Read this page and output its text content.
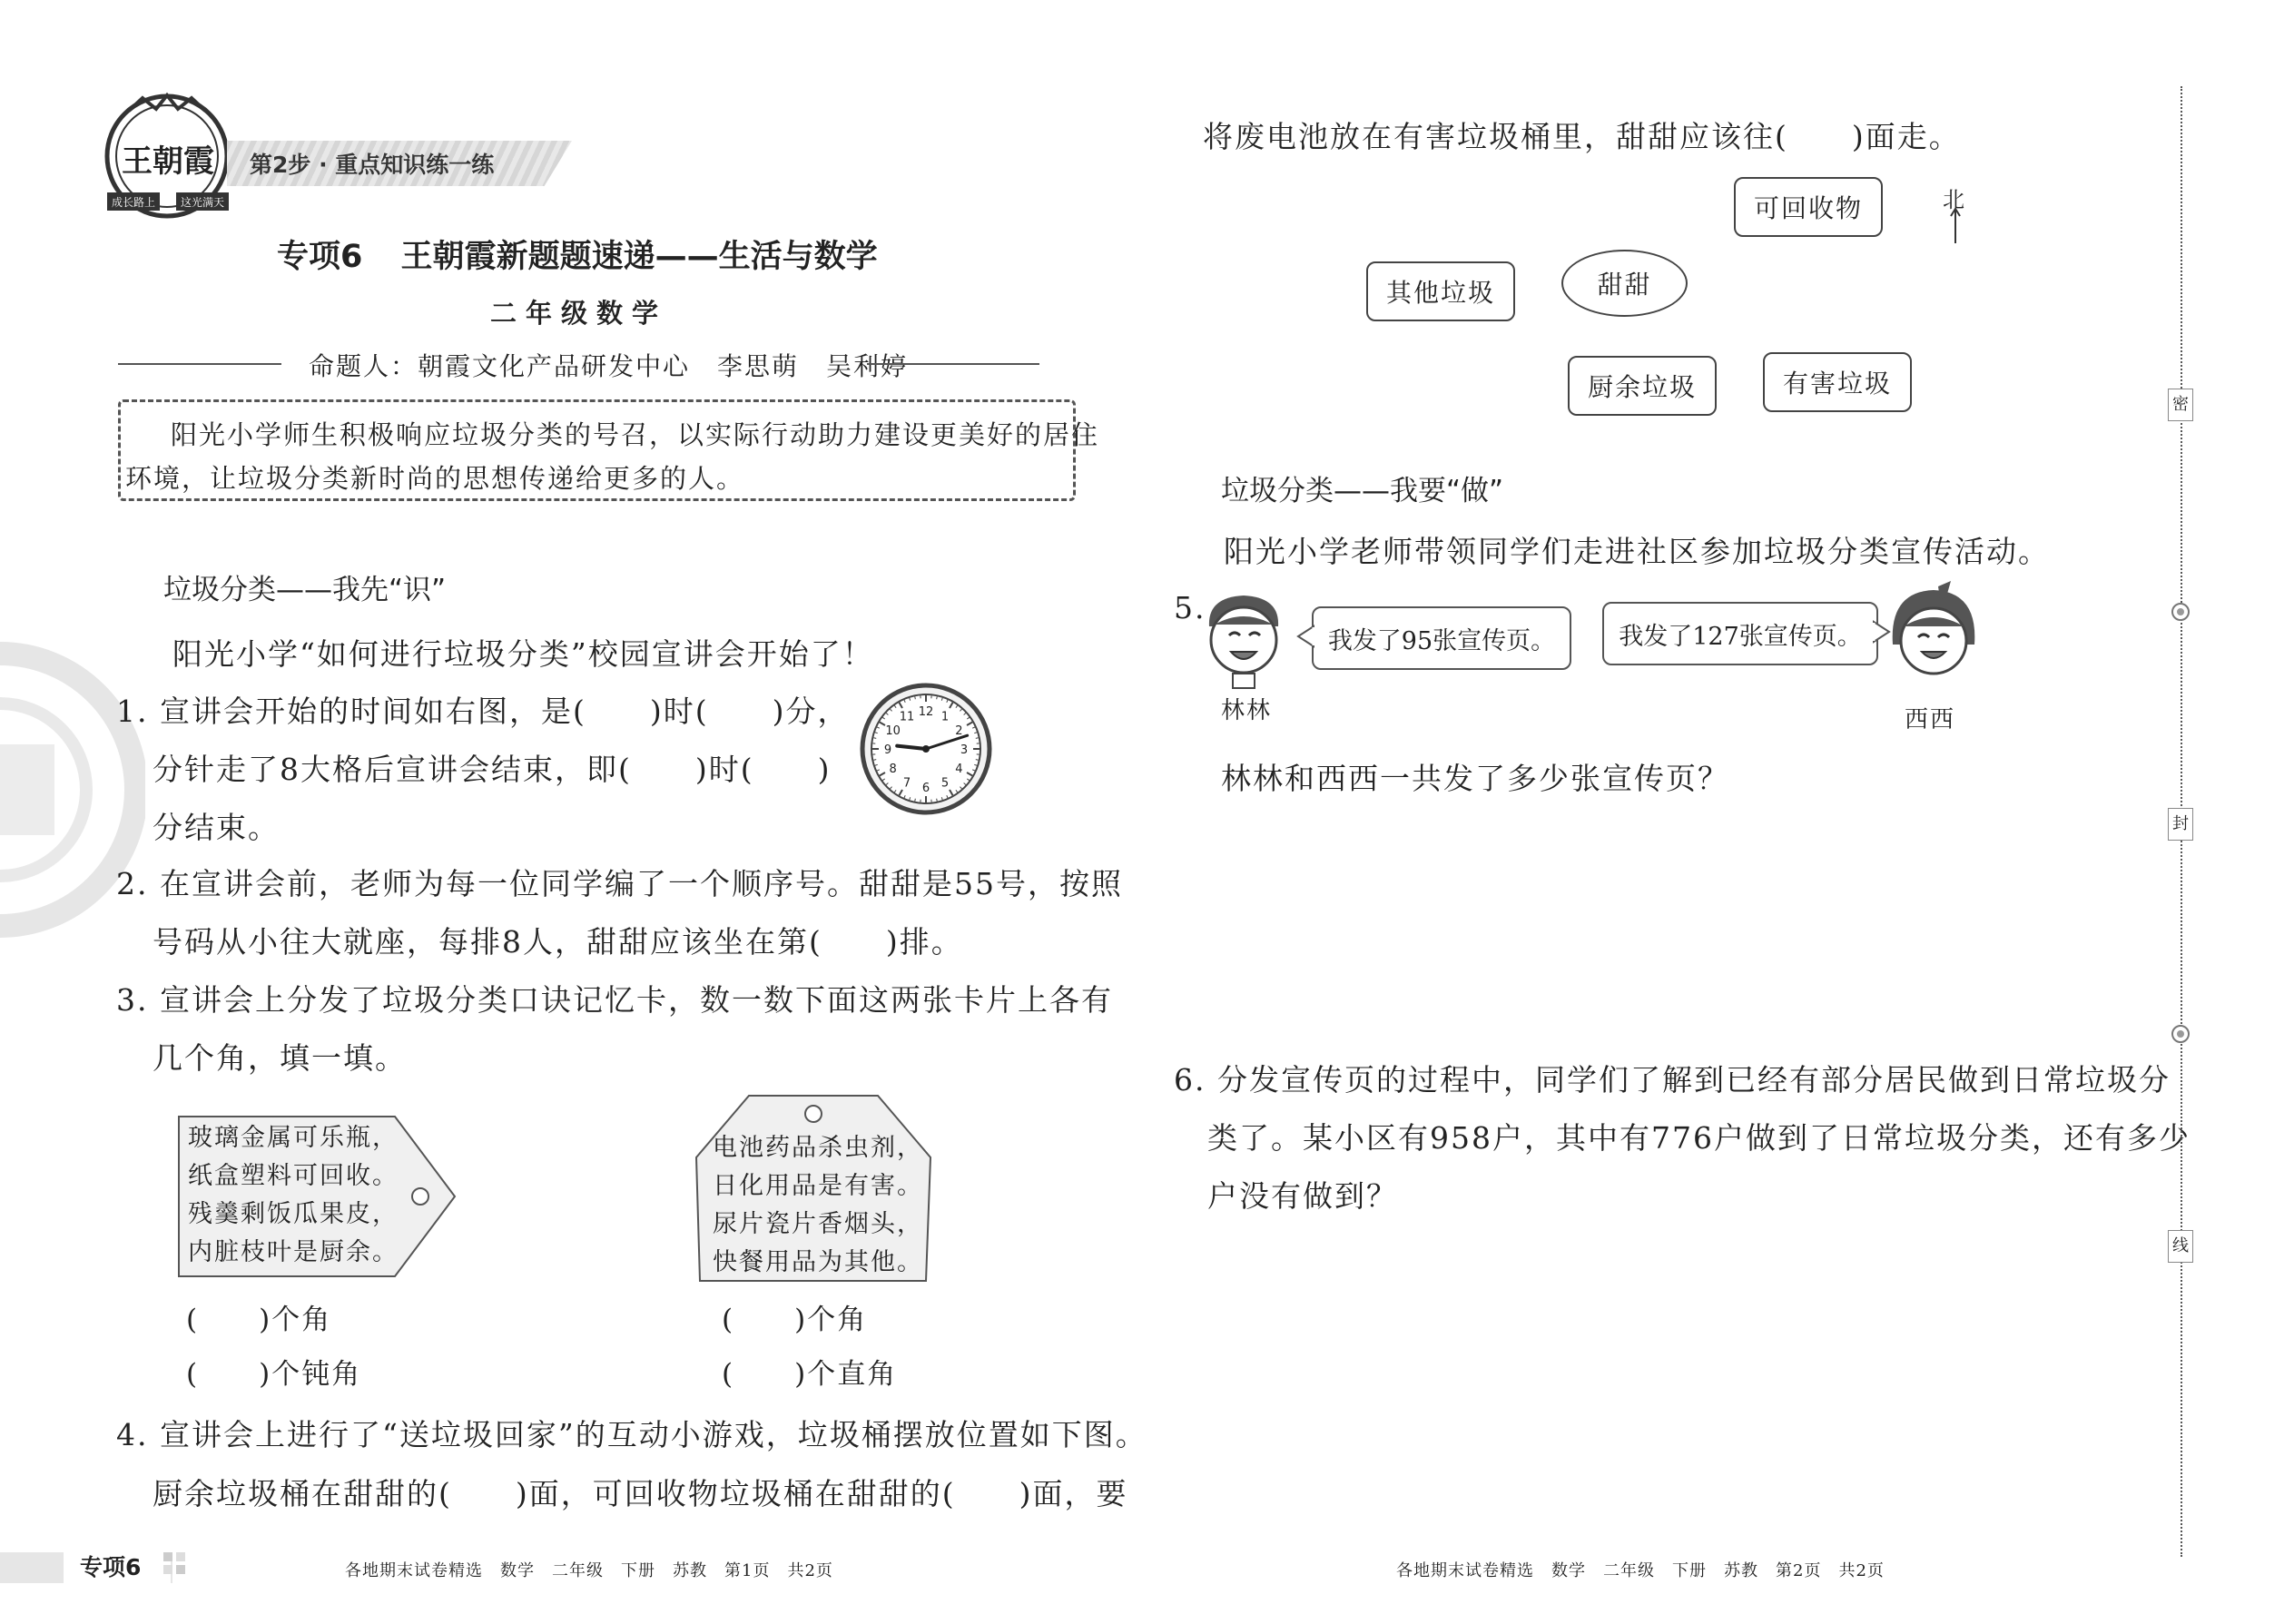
王朝霞
成长路上	这光满天
第2步 · 重点知识练一练
专项6 王朝霞新题题速递——生活与数学
二年级数学
命题人：朝霞文化产品研发中心　李思萌　吴利婷
阳光小学师生积极响应垃圾分类的号召，以实际行动助力建设更美好的居住
环境，让垃圾分类新时尚的思想传递给更多的人。
垃圾分类——我先“识”
阳光小学“如何进行垃圾分类”校园宣讲会开始了！
1. 宣讲会开始的时间如右图，是(　　)时(　　)分，
分针走了8大格后宣讲会结束，即(　　)时(　　)
分结束。
12 1
2
3
4
5
6
7
8
9
10
11
2. 在宣讲会前，老师为每一位同学编了一个顺序号。甜甜是55号，按照
号码从小往大就座，每排8人，甜甜应该坐在第(　　)排。
3. 宣讲会上分发了垃圾分类口诀记忆卡，数一数下面这两张卡片上各有
几个角，填一填。
玻璃金属可乐瓶，
纸盒塑料可回收。
残羹剩饭瓜果皮，
内脏枝叶是厨余。
电池药品杀虫剂，
日化用品是有害。
尿片瓷片香烟头，
快餐用品为其他。
(　　)个角
(　　)个钝角
(　　)个角
(　　)个直角
4. 宣讲会上进行了“送垃圾回家”的互动小游戏，垃圾桶摆放位置如下图。
厨余垃圾桶在甜甜的(　　)面，可回收物垃圾桶在甜甜的(　　)面，要
专项6	各地期末试卷精选　数学　二年级　下册　苏教　第1页　共2页
将废电池放在有害垃圾桶里，甜甜应该往(　　)面走。
可回收物
其他垃圾	甜甜
厨余垃圾	有害垃圾
北
垃圾分类——我要“做”
阳光小学老师带领同学们走进社区参加垃圾分类宣传活动。
5.
林林
我发了95张宣传页。	我发了127张宣传页。
西西
林林和西西一共发了多少张宣传页？
6. 分发宣传页的过程中，同学们了解到已经有部分居民做到日常垃圾分
类了。某小区有958户，其中有776户做到了日常垃圾分类，还有多少
户没有做到？
各地期末试卷精选　数学　二年级　下册　苏教　第2页　共2页
密
封
线
